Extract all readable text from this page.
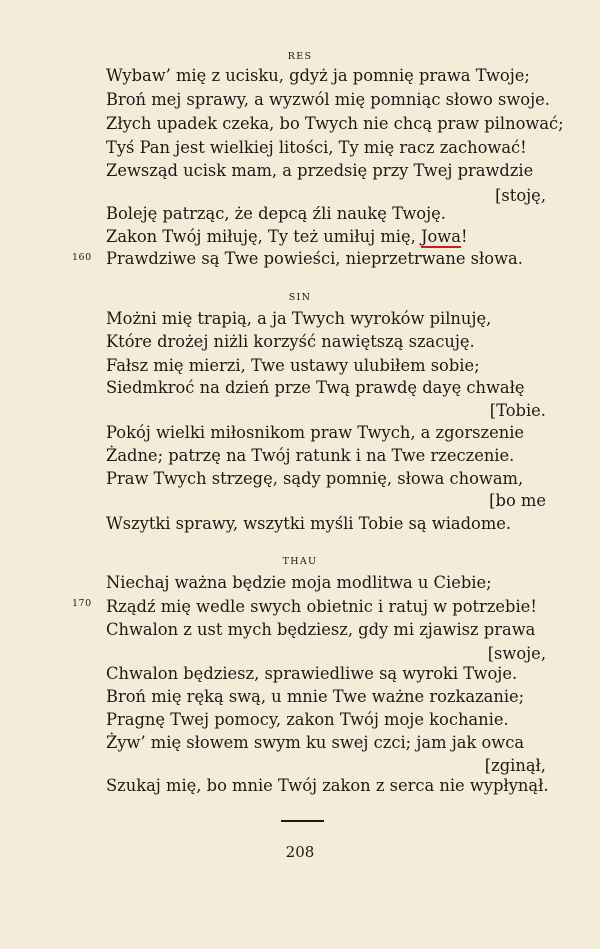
RES
Wybaw’ mię z ucisku, gdyż ja pomnię prawa Twoje;
Broń mej sprawy, a wyzwól mię pomniąc słowo swoje.
Złych upadek czeka, bo Twych nie chcą praw pilnować;
Tyś Pan jest wielkiej litości, Ty mię racz zachować!
Zewsząd ucisk mam, a przedsię przy Twej prawdzie
[stoję,
Boleję patrząc, że depcą źli naukę Twoję.
Zakon Twój miłuję, Ty też umiłuj mię, Jowa!
160 Prawdziwe są Twe powieści, nieprzetrwane słowa.
SIN
Możni mię trapią, a ja Twych wyroków pilnuję,
Które drożej niżli korzyść nawiętszą szacuję.
Fałsz mię mierzi, Twe ustawy ulubiłem sobie;
Siedmkroć na dzień prze Twą prawdę dayę chwałę
[Tobie.
Pokój wielki miłosnikom praw Twych, a zgorszenie
Żadne; patrzę na Twój ratunk i na Twe rzeczenie.
Praw Twych strzegę, sądy pomnię, słowa chowam,
[bo me
Wszytki sprawy, wszytki myśli Tobie są wiadome.
THAU
Niechaj ważna będzie moja modlitwa u Ciebie;
170 Rządź mię wedle swych obietnic i ratuj w potrzebie!
Chwalon z ust mych będziesz, gdy mi zjawisz prawa
[swoje,
Chwalon będziesz, sprawiedliwe są wyroki Twoje.
Broń mię ręką swą, u mnie Twe ważne rozkazanie;
Pragnę Twej pomocy, zakon Twój moje kochanie.
Żyw’ mię słowem swym ku swej czci; jam jak owca
[zginął,
Szukaj mię, bo mnie Twój zakon z serca nie wypłynął.
208
